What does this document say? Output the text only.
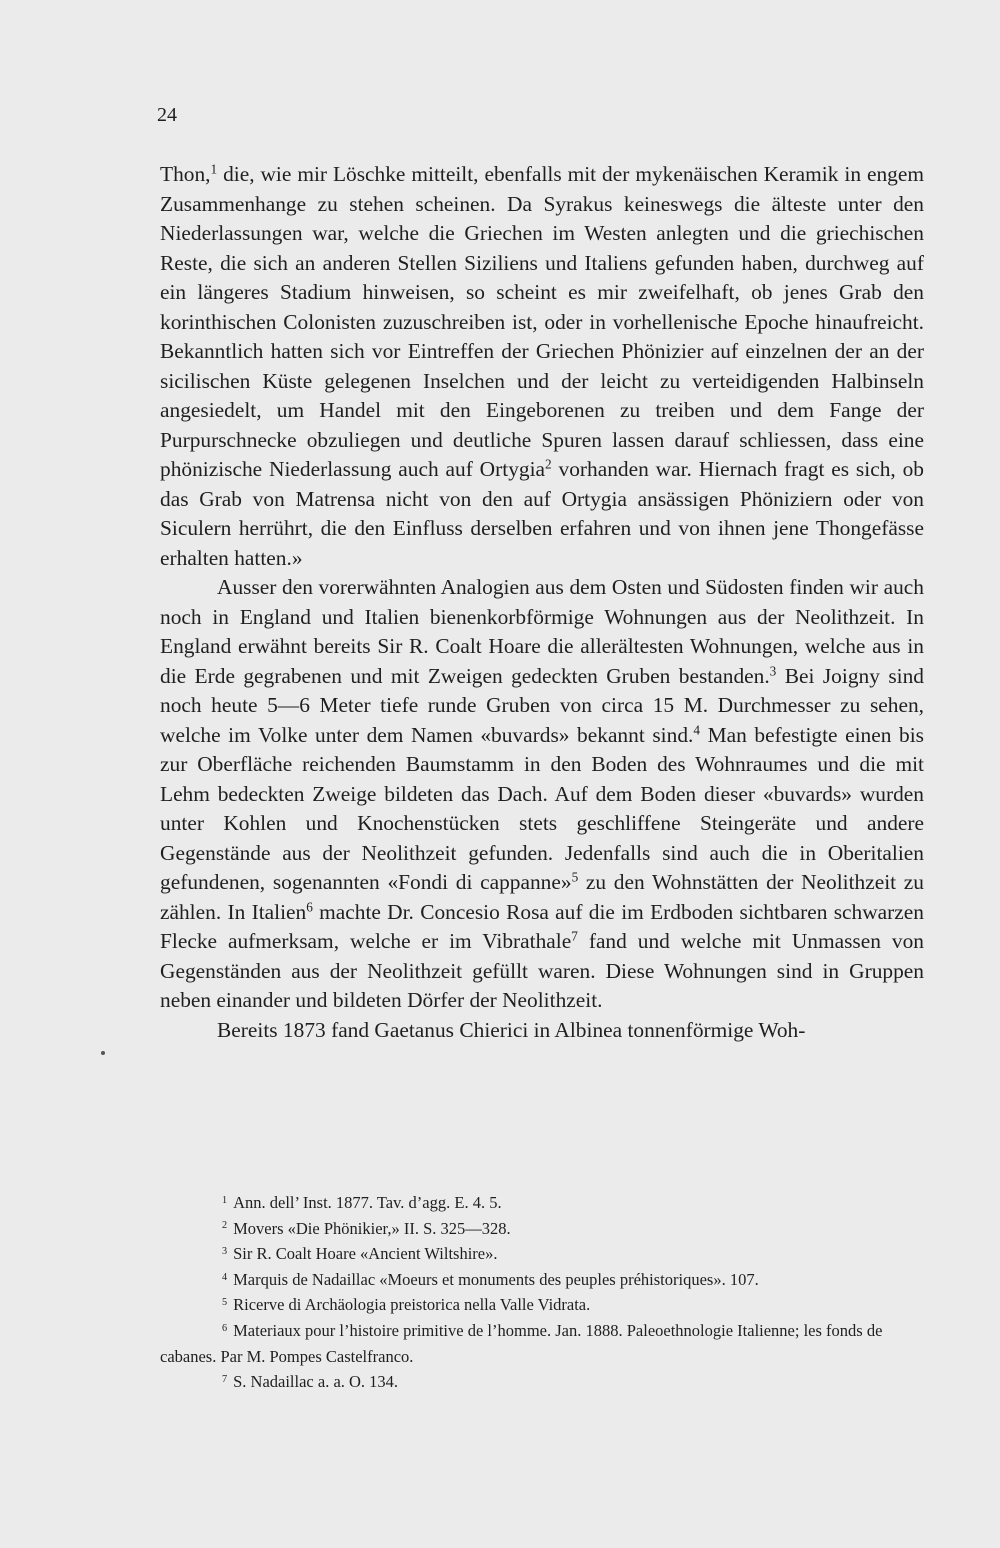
24

Thon,$^1$ die, wie mir Löschke mitteilt, ebenfalls mit der mykenäischen Keramik in engem Zusammenhange zu stehen scheinen. Da Syrakus keineswegs die älteste unter den Niederlassungen war, welche die Griechen im Westen anlegten und die griechischen Reste, die sich an anderen Stellen Siziliens und Italiens gefunden haben, durchweg auf ein längeres Stadium hinweisen, so scheint es mir zweifelhaft, ob jenes Grab den korinthischen Colonisten zuzuschreiben ist, oder in vorhellenische Epoche hinaufreicht. Bekanntlich hatten sich vor Eintreffen der Griechen Phönizier auf einzelnen der an der sicilischen Küste gelegenen Inselchen und der leicht zu verteidigenden Halbinseln angesiedelt, um Handel mit den Eingeborenen zu treiben und dem Fange der Purpurschnecke obzuliegen und deutliche Spuren lassen darauf schliessen, dass eine phönizische Niederlassung auch auf Ortygia$^2$ vorhanden war. Hiernach fragt es sich, ob das Grab von Matrensa nicht von den auf Ortygia ansässigen Phöniziern oder von Siculern herrührt, die den Einfluss derselben erfahren und von ihnen jene Thongefässe erhalten hatten.»

Ausser den vorerwähnten Analogien aus dem Osten und Südosten finden wir auch noch in England und Italien bienenkorbförmige Wohnungen aus der Neolithzeit. In England erwähnt bereits Sir R. Coalt Hoare die allerältesten Wohnungen, welche aus in die Erde gegrabenen und mit Zweigen gedeckten Gruben bestanden.$^3$ Bei Joigny sind noch heute 5—6 Meter tiefe runde Gruben von circa 15 M. Durchmesser zu sehen, welche im Volke unter dem Namen «buvards» bekannt sind.$^4$ Man befestigte einen bis zur Oberfläche reichenden Baumstamm in den Boden des Wohnraumes und die mit Lehm bedeckten Zweige bildeten das Dach. Auf dem Boden dieser «buvards» wurden unter Kohlen und Knochenstücken stets geschliffene Steingeräte und andere Gegenstände aus der Neolithzeit gefunden. Jedenfalls sind auch die in Oberitalien gefundenen, sogenannten «Fondi di cappanne»$^5$ zu den Wohnstätten der Neolithzeit zu zählen. In Italien$^6$ machte Dr. Concesio Rosa auf die im Erdboden sichtbaren schwarzen Flecke aufmerksam, welche er im Vibrathale$^7$ fand und welche mit Unmassen von Gegenständen aus der Neolithzeit gefüllt waren. Diese Wohnungen sind in Gruppen neben einander und bildeten Dörfer der Neolithzeit.

Bereits 1873 fand Gaetanus Chierici in Albinea tonnenförmige Woh-

$^1$ Ann. dell’ Inst. 1877. Tav. d’agg. E. 4. 5.

$^2$ Movers «Die Phönikier,» II. S. 325—328.

$^3$ Sir R. Coalt Hoare «Ancient Wiltshire».

$^4$ Marquis de Nadaillac «Moeurs et monuments des peuples préhistoriques». 107.

$^5$ Ricerve di Archäologia preistorica nella Valle Vidrata.

$^6$ Materiaux pour l’histoire primitive de l’homme. Jan. 1888. Paleoethnologie Italienne; les fonds de cabanes. Par M. Pompes Castelfranco.

$^7$ S. Nadaillac a. a. O. 134.
